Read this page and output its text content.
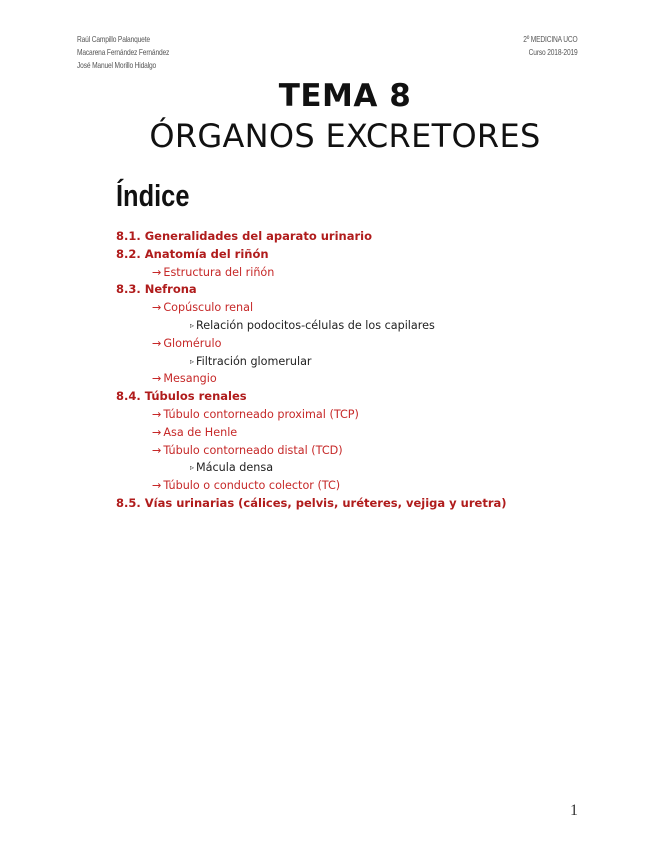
Raúl Campillo Palanquete
Macarena Fernández Fernández
José Manuel Morillo Hidalgo
2º MEDICINA UCO
Curso 2018-2019
TEMA 8
ÓRGANOS EXCRETORES
Índice
8.1. Generalidades del aparato urinario
8.2. Anatomía del riñón
→ Estructura del riñón
8.3. Nefrona
→ Copúsculo renal
▹ Relación podocitos-células de los capilares
→ Glomérulo
▹ Filtración glomerular
→ Mesangio
8.4. Túbulos renales
→ Túbulo contorneado proximal (TCP)
→ Asa de Henle
→ Túbulo contorneado distal (TCD)
▹ Mácula densa
→ Túbulo o conducto colector (TC)
8.5. Vías urinarias (cálices, pelvis, uréteres, vejiga y uretra)
1
